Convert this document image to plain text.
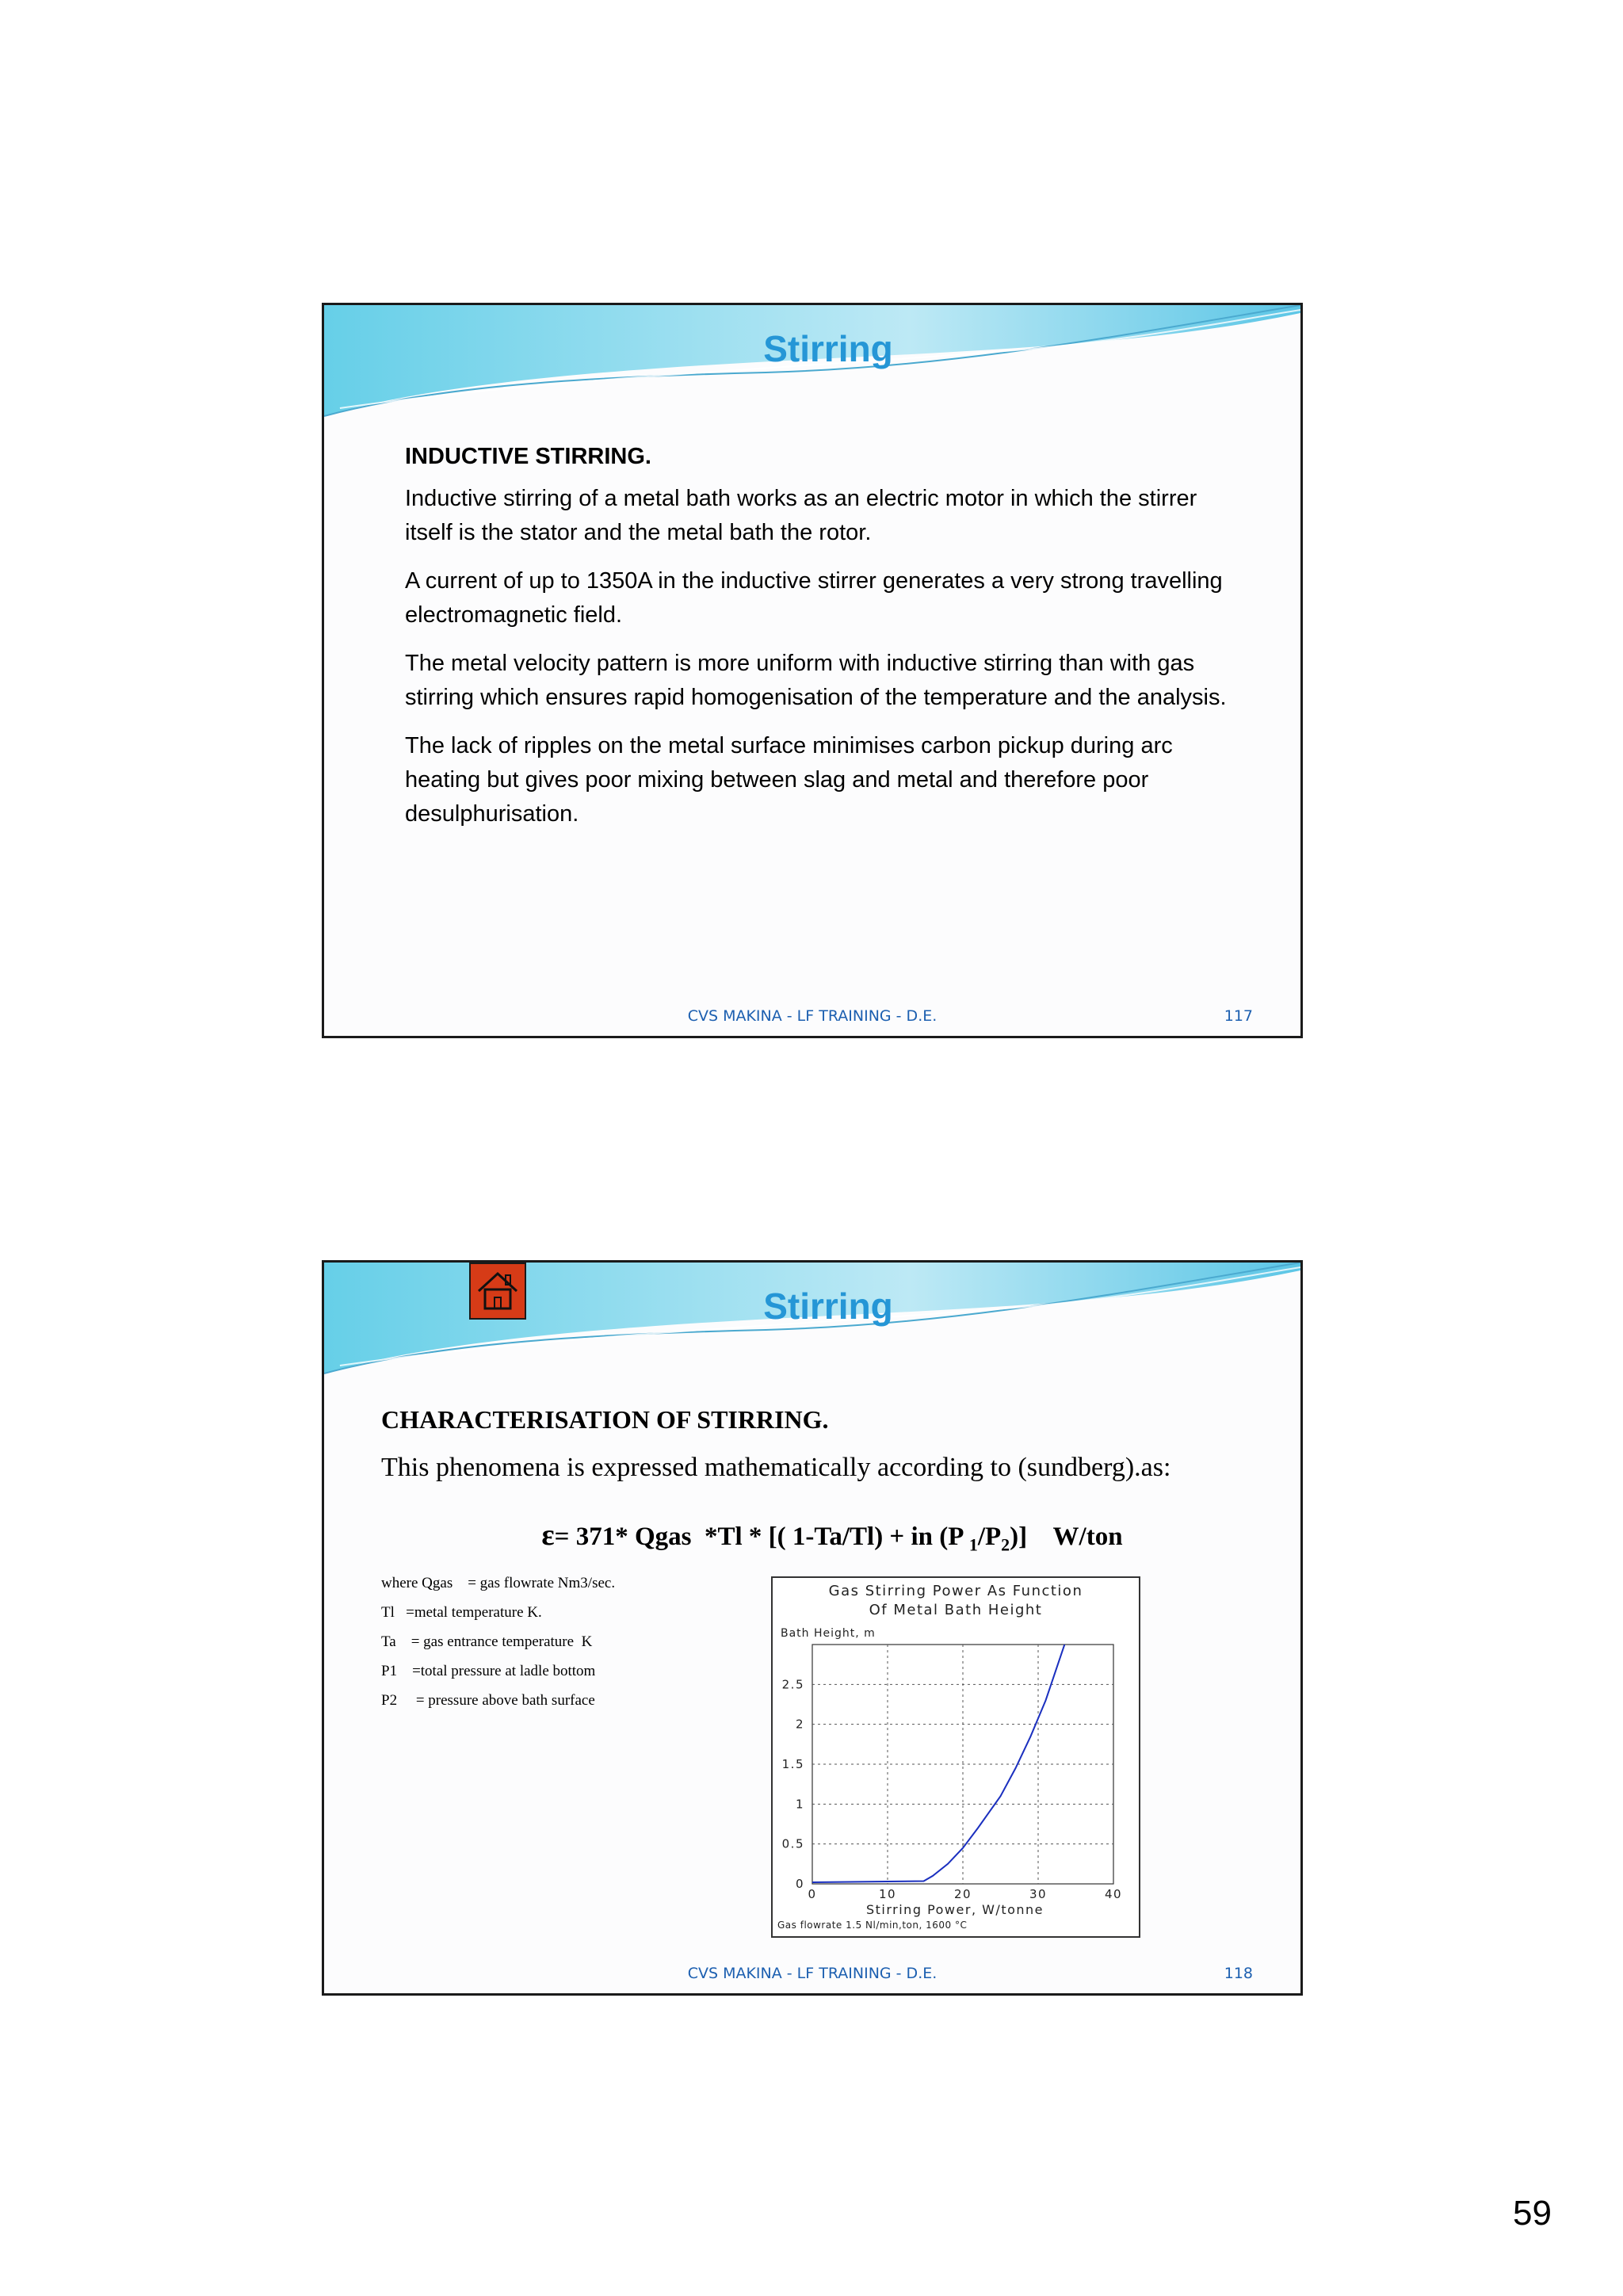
Stirring
INDUCTIVE STIRRING.

Inductive stirring of a metal bath works as an electric motor in which the stirrer itself is the stator and the metal bath the rotor.

A current of up to 1350A in the inductive stirrer generates a very strong travelling electromagnetic field.

The metal velocity pattern is more uniform with inductive stirring than with gas stirring which ensures rapid homogenisation of the temperature and the analysis.

The lack of ripples on the metal surface minimises carbon pickup during arc heating but gives poor mixing between slag and metal and therefore poor desulphurisation.

CVS MAKINA - LF TRAINING - D.E.	117
Stirring
CHARACTERISATION OF STIRRING.
This phenomena is expressed mathematically according to (sundberg).as:
ε= 371* Qgas  *Tl * [( 1-Ta/Tl) + in (P $_1/P_2$)]    W/ton
where Qgas    = gas flowrate Nm3/sec.
Tl   =metal temperature K.
Ta    = gas entrance temperature  K
P1    =total pressure at ladle bottom
P2     = pressure above bath surface
Gas Stirring Power As Function
Of Metal Bath Height
Bath Height, m
0	10	20	30	40
0
0.5
1
1.5
2
2.5
Stirring Power, W/tonne
Gas flowrate 1.5 Nl/min,ton, 1600 °C
CVS MAKINA - LF TRAINING - D.E.	118
59
